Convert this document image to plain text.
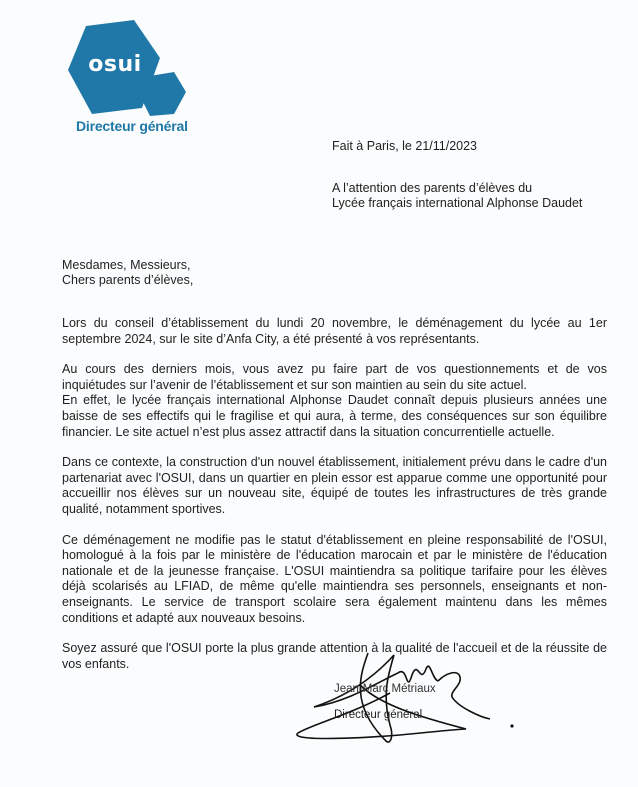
osui
Directeur général
Fait à Paris, le 21/11/2023
A l’attention des parents d’élèves du
Lycée français international Alphonse Daudet
Mesdames, Messieurs,
Chers parents d’élèves,

Lors du conseil d’établissement du lundi 20 novembre, le déménagement du lycée au 1er septembre 2024, sur le site d’Anfa City, a été présenté à vos représentants.

Au cours des derniers mois, vous avez pu faire part de vos questionnements et de vos inquiétudes sur l’avenir de l’établissement et sur son maintien au sein du site actuel.

En effet, le lycée français international Alphonse Daudet connaît depuis plusieurs années une baisse de ses effectifs qui le fragilise et qui aura, à terme, des conséquences sur son équilibre financier. Le site actuel n’est plus assez attractif dans la situation concurrentielle actuelle.

Dans ce contexte, la construction d'un nouvel établissement, initialement prévu dans le cadre d'un partenariat avec l'OSUI, dans un quartier en plein essor est apparue comme une opportunité pour accueillir nos élèves sur un nouveau site, équipé de toutes les infrastructures de très grande qualité, notamment sportives.

Ce déménagement ne modifie pas le statut d'établissement en pleine responsabilité de l'OSUI, homologué à la fois par le ministère de l'éducation marocain et par le ministère de l'éducation nationale et de la jeunesse française. L'OSUI maintiendra sa politique tarifaire pour les élèves déjà scolarisés au LFIAD, de même qu'elle maintiendra ses personnels, enseignants et non-enseignants. Le service de transport scolaire sera également maintenu dans les mêmes conditions et adapté aux nouveaux besoins.

Soyez assuré que l'OSUI porte la plus grande attention à la qualité de l'accueil et de la réussite de vos enfants.

Jean-Marc Métriaux
Directeur général
